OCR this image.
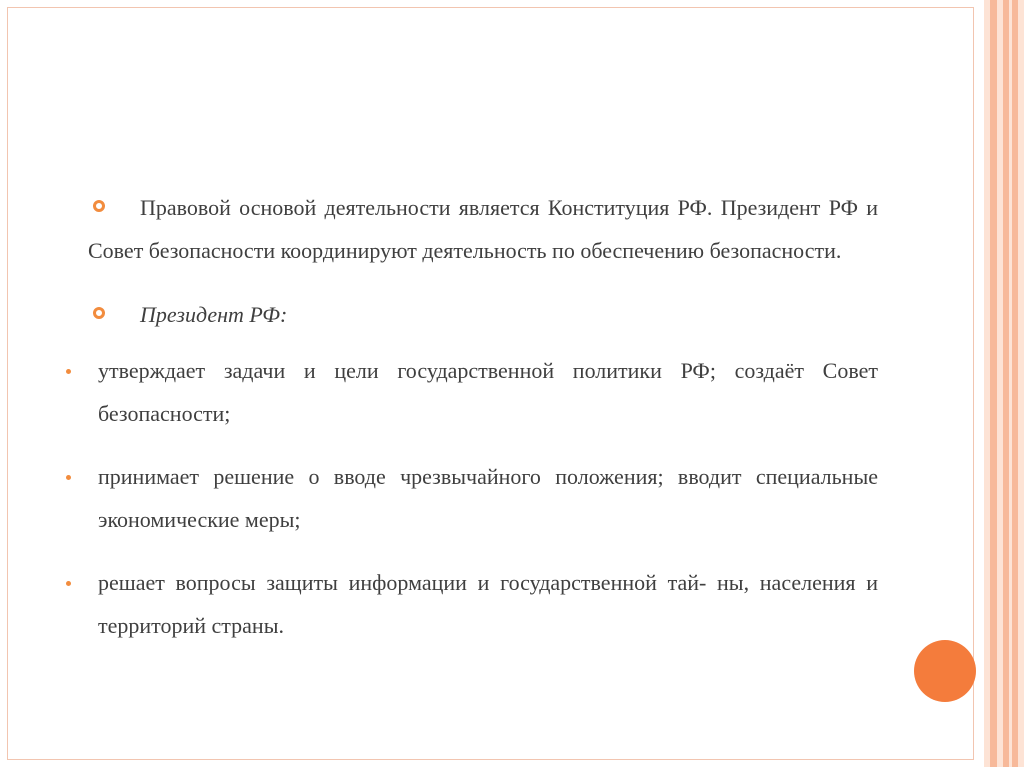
Правовой основой деятельности является Конституция РФ. Президент РФ и Совет безопасности координируют деятельность по обеспечению безопасности.
Президент РФ:
утверждает задачи и цели государственной политики РФ; создаёт Совет безопасности;
принимает решение о вводе чрезвычайного положения; вводит специальные экономические меры;
решает вопросы защиты информации и государственной тай- ны, населения и территорий страны.
